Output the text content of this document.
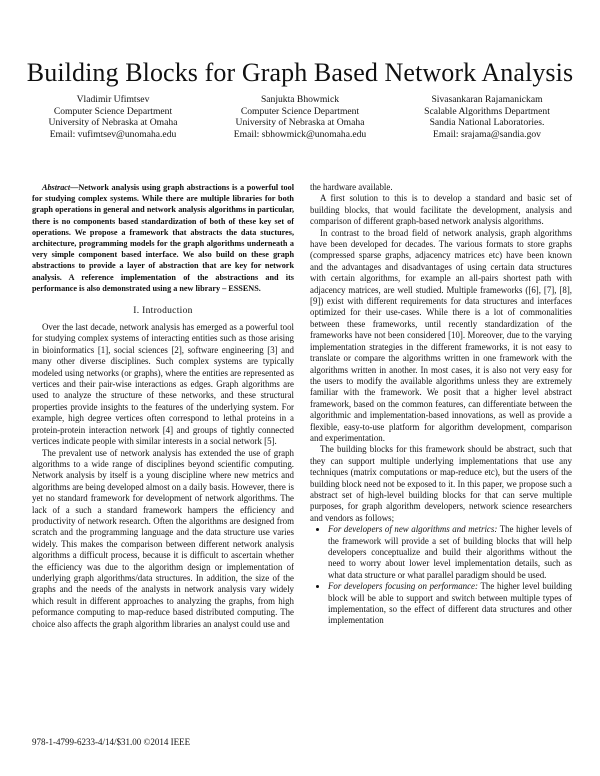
Building Blocks for Graph Based Network Analysis
Vladimir Ufimtsev
Computer Science Department
University of Nebraska at Omaha
Email: vufimtsev@unomaha.edu
Sanjukta Bhowmick
Computer Science Department
University of Nebraska at Omaha
Email: sbhowmick@unomaha.edu
Sivasankaran Rajamanickam
Scalable Algorithms Department
Sandia National Laboratories.
Email: srajama@sandia.gov

Abstract—Network analysis using graph abstractions is a powerful tool for studying complex systems. While there are multiple libraries for both graph operations in general and network analysis algorithms in particular, there is no components based standardization of both of these key set of operations. We propose a framework that abstracts the data stuctures, architecture, programming models for the graph algorithms underneath a very simple component based interface. We also build on these graph abstractions to provide a layer of abstraction that are key for network analysis. A reference implementation of the abstractions and its performance is also demonstrated using a new library – ESSENS.

I. Introduction

Over the last decade, network analysis has emerged as a powerful tool for studying complex systems of interacting entities such as those arising in bioinformatics [1], social sciences [2], software engineering [3] and many other diverse disciplines. Such complex systems are typically modeled using networks (or graphs), where the entities are represented as vertices and their pair-wise interactions as edges. Graph algorithms are used to analyze the structure of these networks, and these structural properties provide insights to the features of the underlying system. For example, high degree vertices often correspond to lethal proteins in a protein-protein interaction network [4] and groups of tightly connected vertices indicate people with similar interests in a social network [5].

The prevalent use of network analysis has extended the use of graph algorithms to a wide range of disciplines beyond scientific computing. Network analysis by itself is a young discipline where new metrics and algorithms are being developed almost on a daily basis. However, there is yet no standard framework for development of network algorithms. The lack of a such a standard framework hampers the efficiency and productivity of network research. Often the algorithms are designed from scratch and the programming language and the data structure use varies widely. This makes the comparison between different network analysis algorithms a difficult process, because it is difficult to ascertain whether the efficiency was due to the algorithm design or implementation of underlying graph algorithms/data structures. In addition, the size of the graphs and the needs of the analysts in network analysis vary widely which result in different approaches to analyzing the graphs, from high peformance computing to map-reduce based distributed computing. The choice also affects the graph algorithm libraries an analyst could use and

the hardware available.

A first solution to this is to develop a standard and basic set of building blocks, that would facilitate the development, analysis and comparison of different graph-based network analysis algorithms.

In contrast to the broad field of network analysis, graph algorithms have been developed for decades. The various formats to store graphs (compressed sparse graphs, adjacency matrices etc) have been known and the advantages and disadvantages of using certain data structures with certain algorithms, for example an all-pairs shortest path with adjacency matrices, are well studied. Multiple frameworks ([6], [7], [8], [9]) exist with different requirements for data structures and interfaces optimized for their use-cases. While there is a lot of commonalities between these frameworks, until recently standardization of the frameworks have not been considered [10]. Moreover, due to the varying implementation strategies in the different frameworks, it is not easy to translate or compare the algorithms written in one framework with the algorithms written in another. In most cases, it is also not very easy for the users to modify the available algorithms unless they are extremely familiar with the framework. We posit that a higher level abstract framework, based on the common features, can differentiate between the algorithmic and implementation-based innovations, as well as provide a flexible, easy-to-use platform for algorithm development, comparison and experimentation.

The building blocks for this framework should be abstract, such that they can support multiple underlying implementations that use any techniques (matrix computations or map-reduce etc), but the users of the building block need not be exposed to it. In this paper, we propose such a abstract set of high-level building blocks for that can serve multiple purposes, for graph algorithm developers, network science researchers and vendors as follows;

• For developers of new algorithms and metrics: The higher levels of the framework will provide a set of building blocks that will help developers conceptualize and build their algorithms without the need to worry about lower level implementation details, such as what data structure or what parallel paradigm should be used.
• For developers focusing on performance: The higher level building block will be able to support and switch between multiple types of implementation, so the effect of different data structures and other implementation
978-1-4799-6233-4/14/$31.00 ©2014 IEEE
